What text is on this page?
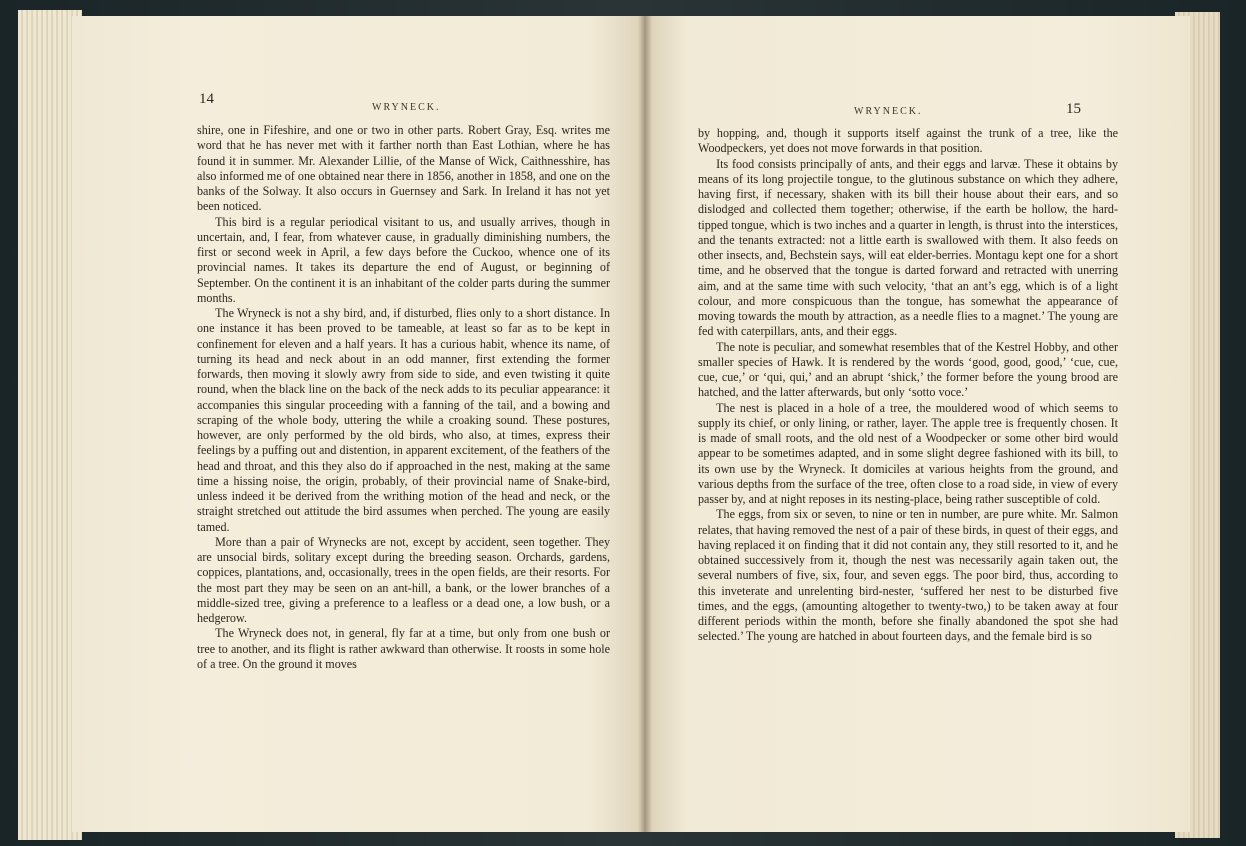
14
WRYNECK.

shire, one in Fifeshire, and one or two in other parts. Robert Gray, Esq. writes me word that he has never met with it farther north than East Lothian, where he has found it in summer. Mr. Alexander Lillie, of the Manse of Wick, Caithnesshire, has also informed me of one obtained near there in 1856, another in 1858, and one on the banks of the Solway. It also occurs in Guernsey and Sark. In Ireland it has not yet been noticed.

This bird is a regular periodical visitant to us, and usually arrives, though in uncertain, and, I fear, from whatever cause, in gradually diminishing numbers, the first or second week in April, a few days before the Cuckoo, whence one of its provincial names. It takes its departure the end of August, or beginning of September. On the continent it is an inhabitant of the colder parts during the summer months.

The Wryneck is not a shy bird, and, if disturbed, flies only to a short distance. In one instance it has been proved to be tameable, at least so far as to be kept in confinement for eleven and a half years. It has a curious habit, whence its name, of turning its head and neck about in an odd manner, first extending the former forwards, then moving it slowly awry from side to side, and even twisting it quite round, when the black line on the back of the neck adds to its peculiar appearance: it accompanies this singular proceeding with a fanning of the tail, and a bowing and scraping of the whole body, uttering the while a croaking sound. These postures, however, are only performed by the old birds, who also, at times, express their feelings by a puffing out and distention, in apparent excitement, of the feathers of the head and throat, and this they also do if approached in the nest, making at the same time a hissing noise, the origin, probably, of their provincial name of Snake-bird, unless indeed it be derived from the writhing motion of the head and neck, or the straight stretched out attitude the bird assumes when perched. The young are easily tamed.

More than a pair of Wrynecks are not, except by accident, seen together. They are unsocial birds, solitary except during the breeding season. Orchards, gardens, coppices, plantations, and, occasionally, trees in the open fields, are their resorts. For the most part they may be seen on an ant-hill, a bank, or the lower branches of a middle-sized tree, giving a preference to a leafless or a dead one, a low bush, or a hedgerow.

The Wryneck does not, in general, fly far at a time, but only from one bush or tree to another, and its flight is rather awkward than otherwise. It roosts in some hole of a tree. On the ground it moves

WRYNECK.	15

by hopping, and, though it supports itself against the trunk of a tree, like the Woodpeckers, yet does not move forwards in that position.

Its food consists principally of ants, and their eggs and larvæ. These it obtains by means of its long projectile tongue, to the glutinous substance on which they adhere, having first, if necessary, shaken with its bill their house about their ears, and so dislodged and collected them together; otherwise, if the earth be hollow, the hard-tipped tongue, which is two inches and a quarter in length, is thrust into the interstices, and the tenants extracted: not a little earth is swallowed with them. It also feeds on other insects, and, Bechstein says, will eat elder-berries. Montagu kept one for a short time, and he observed that the tongue is darted forward and retracted with unerring aim, and at the same time with such velocity, ‘that an ant’s egg, which is of a light colour, and more conspicuous than the tongue, has somewhat the appearance of moving towards the mouth by attraction, as a needle flies to a magnet.’ The young are fed with caterpillars, ants, and their eggs.

The note is peculiar, and somewhat resembles that of the Kestrel Hobby, and other smaller species of Hawk. It is rendered by the words ‘good, good, good,’ ‘cue, cue, cue, cue,’ or ‘qui, qui,’ and an abrupt ‘shick,’ the former before the young brood are hatched, and the latter afterwards, but only ‘sotto voce.’

The nest is placed in a hole of a tree, the mouldered wood of which seems to supply its chief, or only lining, or rather, layer. The apple tree is frequently chosen. It is made of small roots, and the old nest of a Woodpecker or some other bird would appear to be sometimes adapted, and in some slight degree fashioned with its bill, to its own use by the Wryneck. It domiciles at various heights from the ground, and various depths from the surface of the tree, often close to a road side, in view of every passer by, and at night reposes in its nesting-place, being rather susceptible of cold.

The eggs, from six or seven, to nine or ten in number, are pure white. Mr. Salmon relates, that having removed the nest of a pair of these birds, in quest of their eggs, and having replaced it on finding that it did not contain any, they still resorted to it, and he obtained successively from it, though the nest was necessarily again taken out, the several numbers of five, six, four, and seven eggs. The poor bird, thus, according to this inveterate and unrelenting bird-nester, ‘suffered her nest to be disturbed five times, and the eggs, (amounting altogether to twenty-two,) to be taken away at four different periods within the month, before she finally abandoned the spot she had selected.’ The young are hatched in about fourteen days, and the female bird is so
